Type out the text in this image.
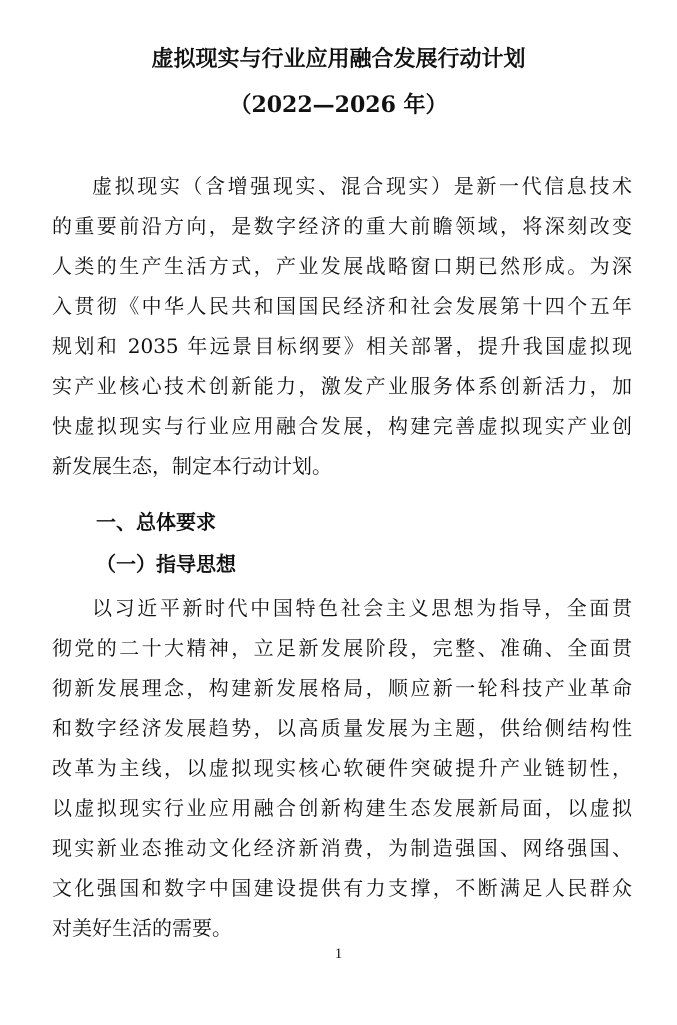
虚拟现实与行业应用融合发展行动计划
（2022—2026 年）
虚拟现实（含增强现实、混合现实）是新一代信息技术
的重要前沿方向，是数字经济的重大前瞻领域，将深刻改变
人类的生产生活方式，产业发展战略窗口期已然形成。为深
入贯彻《中华人民共和国国民经济和社会发展第十四个五年
规划和 2035 年远景目标纲要》相关部署，提升我国虚拟现
实产业核心技术创新能力，激发产业服务体系创新活力，加
快虚拟现实与行业应用融合发展，构建完善虚拟现实产业创
新发展生态，制定本行动计划。
一、总体要求
（一）指导思想
以习近平新时代中国特色社会主义思想为指导，全面贯
彻党的二十大精神，立足新发展阶段，完整、准确、全面贯
彻新发展理念，构建新发展格局，顺应新一轮科技产业革命
和数字经济发展趋势，以高质量发展为主题，供给侧结构性
改革为主线，以虚拟现实核心软硬件突破提升产业链韧性，
以虚拟现实行业应用融合创新构建生态发展新局面，以虚拟
现实新业态推动文化经济新消费，为制造强国、网络强国、
文化强国和数字中国建设提供有力支撑，不断满足人民群众
对美好生活的需要。
1
